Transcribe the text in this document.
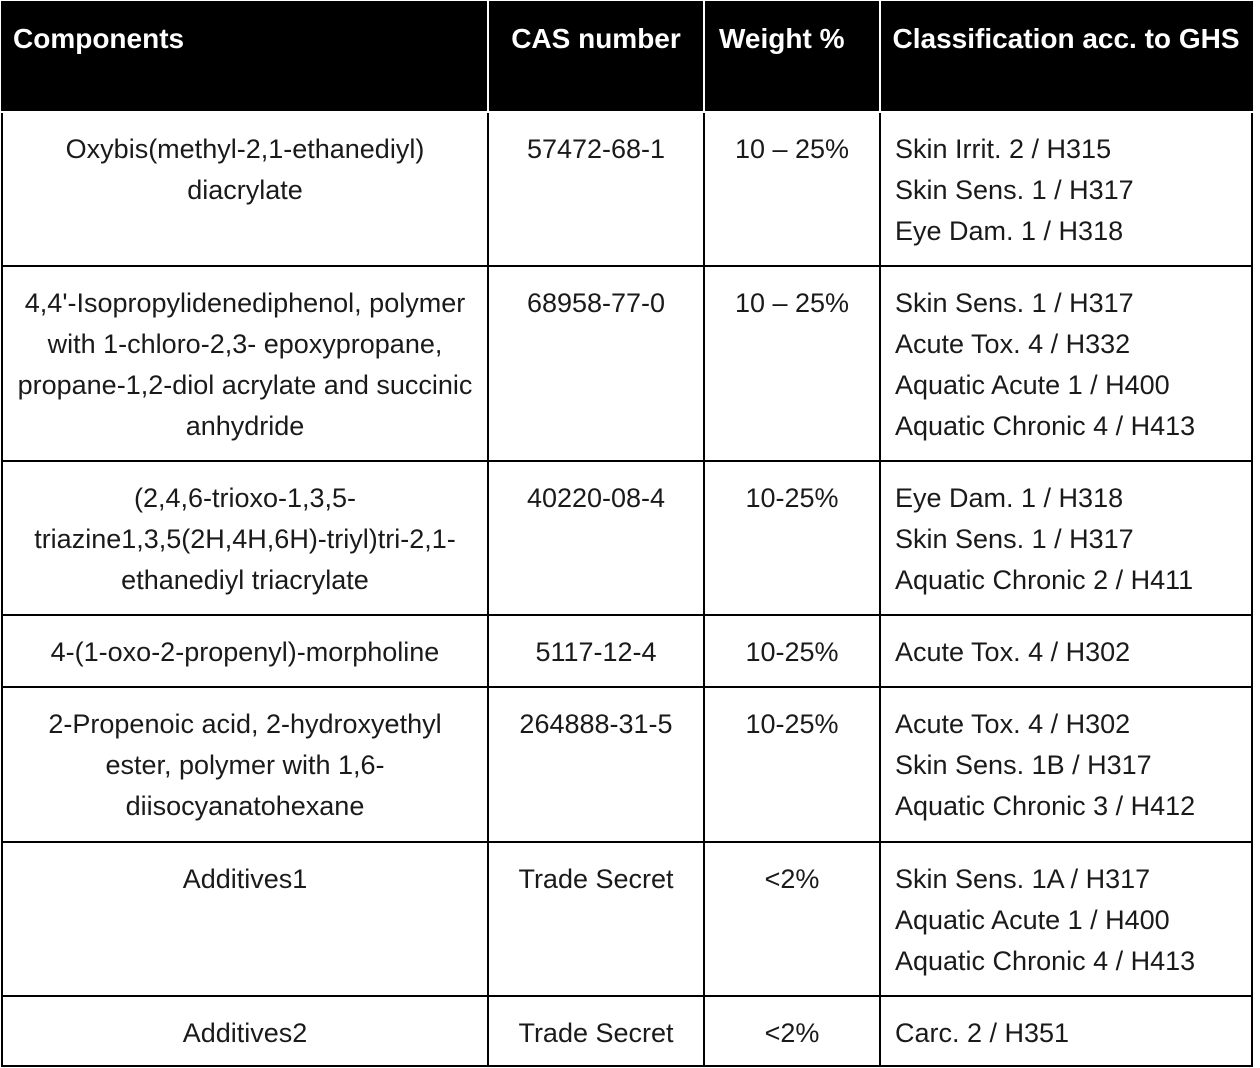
Components	CAS number	Weight %	Classification acc. to GHS
Oxybis(methyl-2,1-ethanediyl) diacrylate	57472-68-1	10 – 25%	Skin Irrit. 2 / H315
Skin Sens. 1 / H317
Eye Dam. 1 / H318

4,4'-Isopropylidenediphenol, polymer with 1-chloro-2,3- epoxypropane, propane-1,2-diol acrylate and succinic anhydride	68958-77-0	10 – 25%	Skin Sens. 1 / H317
Acute Tox. 4 / H332
Aquatic Acute 1 / H400
Aquatic Chronic 4 / H413

(2,4,6-trioxo-1,3,5-triazine1,3,5(2H,4H,6H)-triyl)tri-2,1-ethanediyl triacrylate	40220-08-4	10-25%	Eye Dam. 1 / H318
Skin Sens. 1 / H317
Aquatic Chronic 2 / H411

4-(1-oxo-2-propenyl)-morpholine	5117-12-4	10-25%	Acute Tox. 4 / H302

2-Propenoic acid, 2-hydroxyethyl ester, polymer with 1,6-diisocyanatohexane	264888-31-5	10-25%	Acute Tox. 4 / H302
Skin Sens. 1B / H317
Aquatic Chronic 3 / H412

Additives1	Trade Secret	<2%	Skin Sens. 1A / H317
Aquatic Acute 1 / H400
Aquatic Chronic 4 / H413

Additives2	Trade Secret	<2%	Carc. 2 / H351
